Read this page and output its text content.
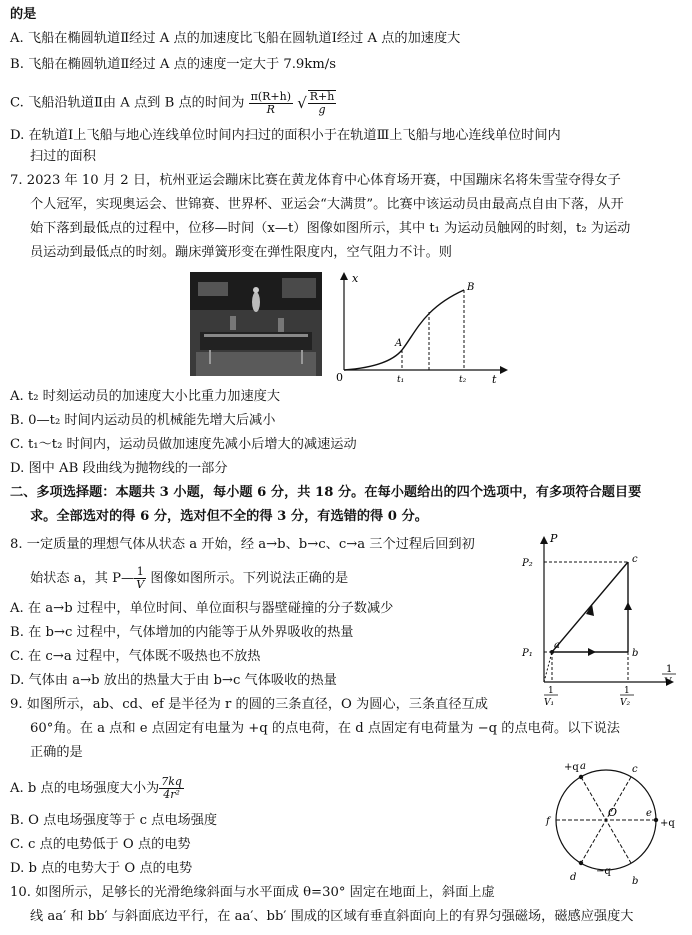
的是
A. 飞船在椭圆轨道Ⅱ经过 A 点的加速度比飞船在圆轨道Ⅰ经过 A 点的加速度大
B. 飞船在椭圆轨道Ⅱ经过 A 点的速度一定大于 7.9km/s
C. 飞船沿轨道Ⅱ由 A 点到 B 点的时间为 $\frac{\pi(R+h)}{R}$ √ $\frac{R+h}{g}$
D. 在轨道Ⅰ上飞船与地心连线单位时间内扫过的面积小于在轨道Ⅲ上飞船与地心连线单位时间内
扫过的面积
7. 2023 年 10 月 2 日，杭州亚运会蹦床比赛在黄龙体育中心体育场开赛，中国蹦床名将朱雪莹夺得女子
个人冠军，实现奥运会、世锦赛、世界杯、亚运会“大满贯”。比赛中该运动员由最高点自由下落，从开
始下落到最低点的过程中，位移—时间（x—t）图像如图所示，其中 t₁ 为运动员触网的时刻，t₂ 为运动
员运动到最低点的时刻。蹦床弹簧形变在弹性限度内，空气阻力不计。则
x
0	t
A
B
t₁	t₂
A. t₂ 时刻运动员的加速度大小比重力加速度大
B. 0—t₂ 时间内运动员的机械能先增大后减小
C. t₁～t₂ 时间内，运动员做加速度先减小后增大的减速运动
D. 图中 AB 段曲线为抛物线的一部分
二、多项选择题：本题共 3 小题，每小题 6 分，共 18 分。在每小题给出的四个选项中，有多项符合题目要
求。全部选对的得 6 分，选对但不全的得 3 分，有选错的得 0 分。
8. 一定质量的理想气体从状态 a 开始，经 a→b、b→c、c→a 三个过程后回到初
始状态 a，其 P— $\frac{1}{V}$ 图像如图所示。下列说法正确的是
A. 在 a→b 过程中，单位时间、单位面积与器壁碰撞的分子数减少
B. 在 b→c 过程中，气体增加的内能等于从外界吸收的热量
C. 在 c→a 过程中，气体既不吸热也不放热
D. 气体由 a→b 放出的热量大于由 b→c 气体吸收的热量
P
P₂
P₁
a
b
c
1
V₁
1
V₂
1
V
9. 如图所示，ab、cd、ef 是半径为 r 的圆的三条直径，O 为圆心，三条直径互成
60°角。在 a 点和 e 点固定有电量为 +q 的点电荷，在 d 点固定有电荷量为 −q 的点电荷。以下说法
正确的是
A. b 点的电场强度大小为 $\frac{7kq}{\text{4r²}}$
B. O 点电场强度等于 c 点电场强度
C. c 点的电势低于 O 点的电势
D. b 点的电势大于 O 点的电势
+q
+q
−q
a
b
c
d
e
f
O
10. 如图所示，足够长的光滑绝缘斜面与水平面成 θ=30° 固定在地面上，斜面上虚
线 aa′ 和 bb′ 与斜面底边平行，在 aa′、bb′ 围成的区域有垂直斜面向上的有界匀强磁场，磁感应强度大
